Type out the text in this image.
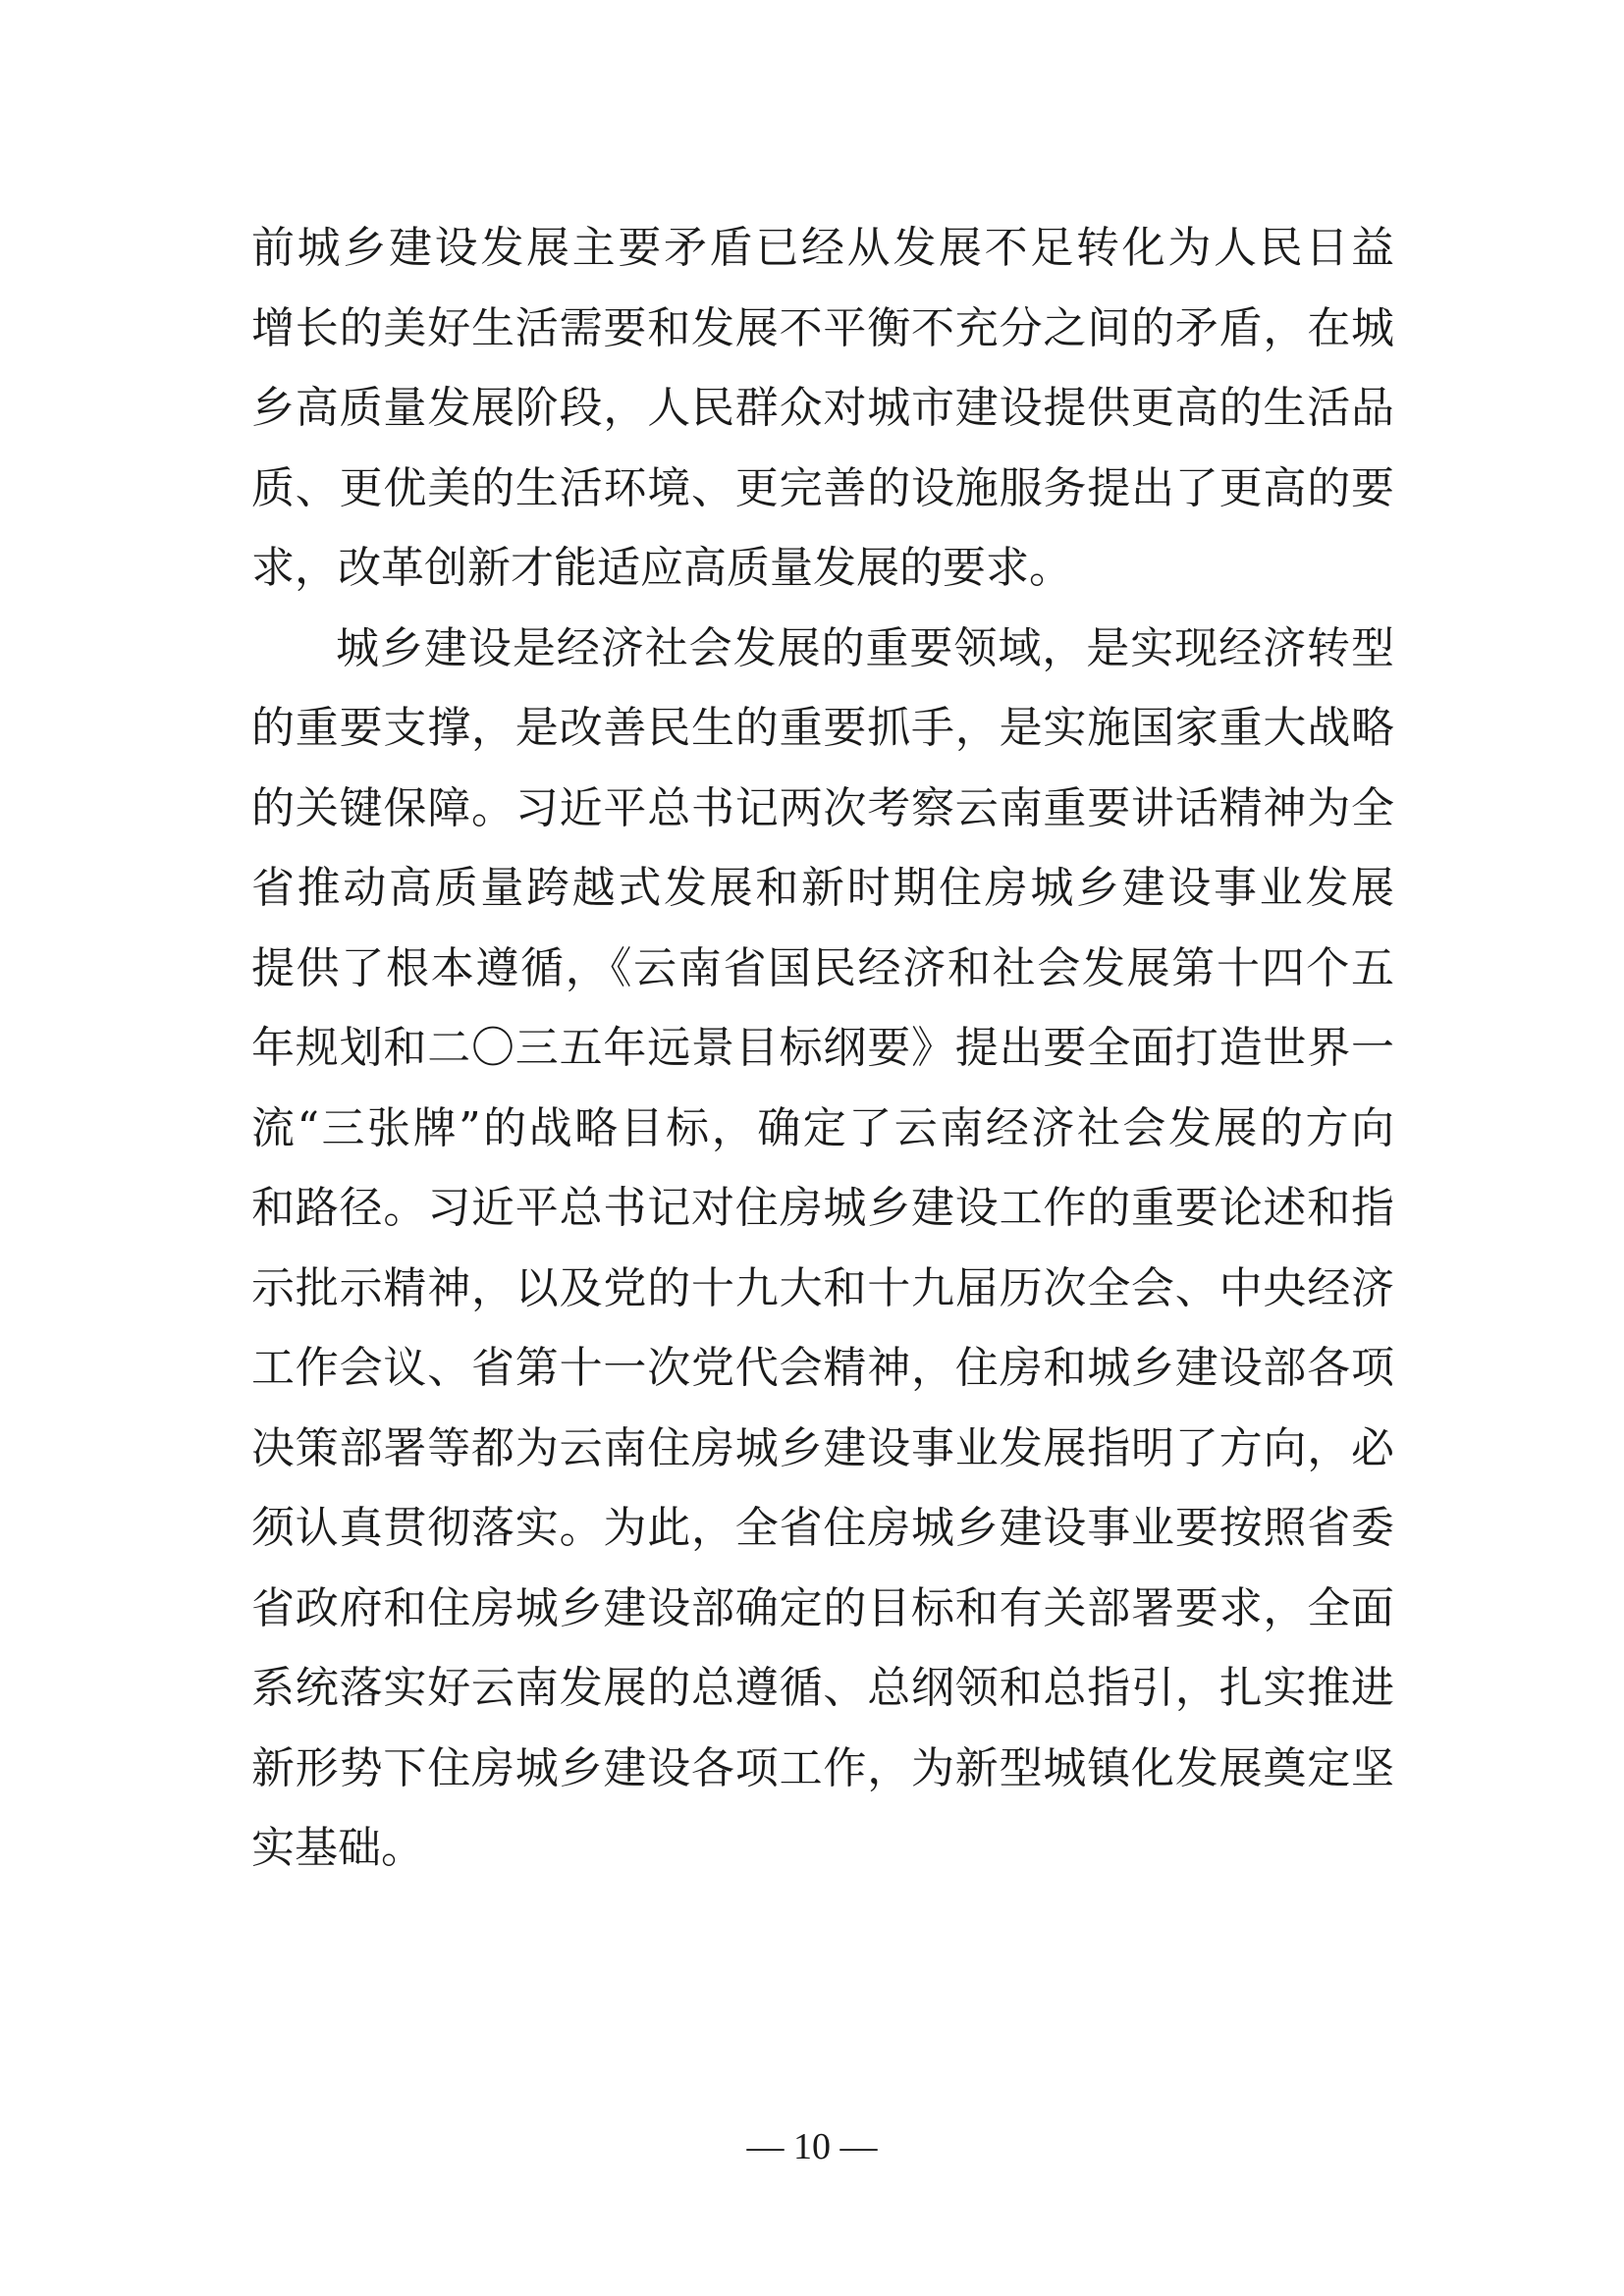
前城乡建设发展主要矛盾已经从发展不足转化为人民日益
增长的美好生活需要和发展不平衡不充分之间的矛盾，在城
乡高质量发展阶段，人民群众对城市建设提供更高的生活品
质、更优美的生活环境、更完善的设施服务提出了更高的要
求，改革创新才能适应高质量发展的要求。
城乡建设是经济社会发展的重要领域，是实现经济转型
的重要支撑，是改善民生的重要抓手，是实施国家重大战略
的关键保障。习近平总书记两次考察云南重要讲话精神为全
省推动高质量跨越式发展和新时期住房城乡建设事业发展
提供了根本遵循，《云南省国民经济和社会发展第十四个五
年规划和二〇三五年远景目标纲要》提出要全面打造世界一
流“三张牌”的战略目标，确定了云南经济社会发展的方向
和路径。习近平总书记对住房城乡建设工作的重要论述和指
示批示精神，以及党的十九大和十九届历次全会、中央经济
工作会议、省第十一次党代会精神，住房和城乡建设部各项
决策部署等都为云南住房城乡建设事业发展指明了方向，必
须认真贯彻落实。为此，全省住房城乡建设事业要按照省委
省政府和住房城乡建设部确定的目标和有关部署要求，全面
系统落实好云南发展的总遵循、总纲领和总指引，扎实推进
新形势下住房城乡建设各项工作，为新型城镇化发展奠定坚
实基础。
— 10 —
